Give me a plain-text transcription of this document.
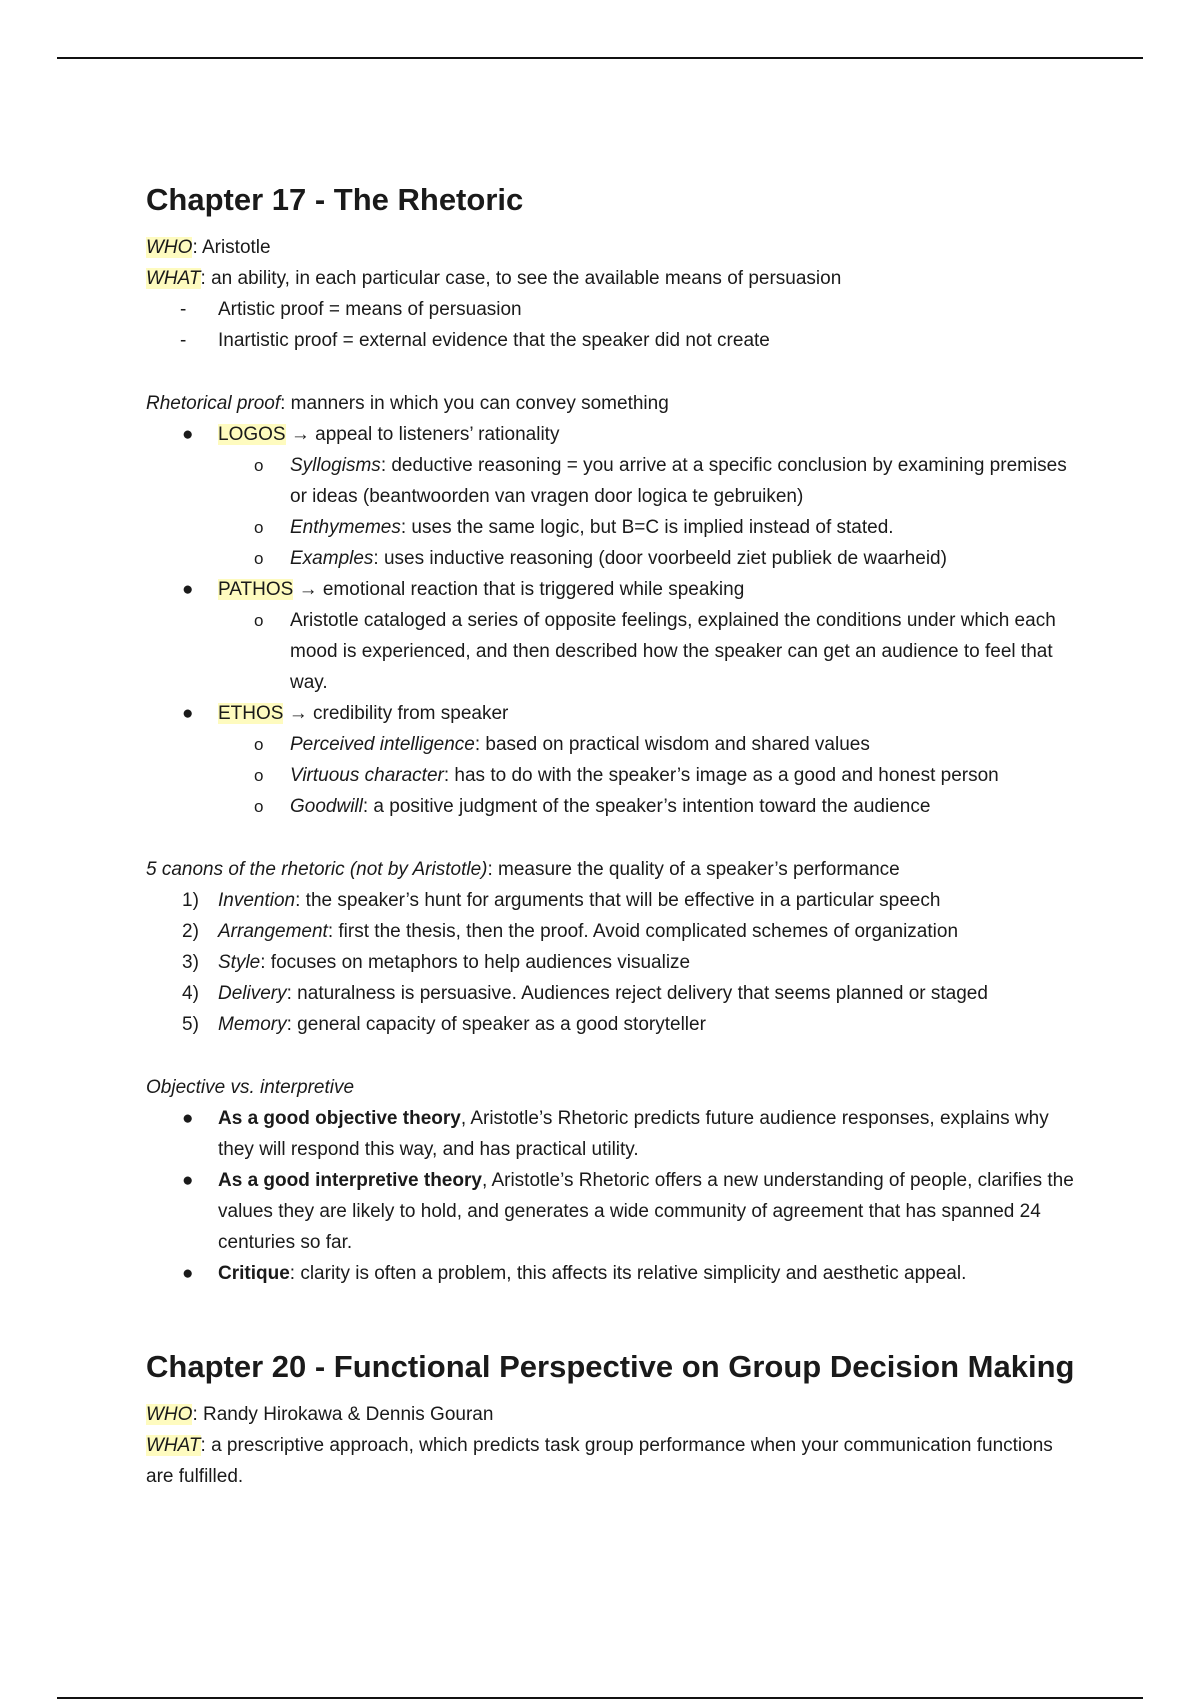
Chapter 17 - The Rhetoric

WHO: Aristotle

WHAT: an ability, in each particular case, to see the available means of persuasion

- Artistic proof = means of persuasion
- Inartistic proof = external evidence that the speaker did not create

Rhetorical proof: manners in which you can convey something

● LOGOS → appeal to listeners’ rationality
o Syllogisms: deductive reasoning = you arrive at a specific conclusion by examining premises or ideas (beantwoorden van vragen door logica te gebruiken)
o Enthymemes: uses the same logic, but B=C is implied instead of stated.
o Examples: uses inductive reasoning (door voorbeeld ziet publiek de waarheid)
● PATHOS → emotional reaction that is triggered while speaking
o Aristotle cataloged a series of opposite feelings, explained the conditions under which each mood is experienced, and then described how the speaker can get an audience to feel that way.
● ETHOS → credibility from speaker
o Perceived intelligence: based on practical wisdom and shared values
o Virtuous character: has to do with the speaker’s image as a good and honest person
o Goodwill: a positive judgment of the speaker’s intention toward the audience

5 canons of the rhetoric (not by Aristotle): measure the quality of a speaker’s performance

1) Invention: the speaker’s hunt for arguments that will be effective in a particular speech
2) Arrangement: first the thesis, then the proof. Avoid complicated schemes of organization
3) Style: focuses on metaphors to help audiences visualize
4) Delivery: naturalness is persuasive. Audiences reject delivery that seems planned or staged
5) Memory: general capacity of speaker as a good storyteller

Objective vs. interpretive

● As a good objective theory, Aristotle’s Rhetoric predicts future audience responses, explains why they will respond this way, and has practical utility.
● As a good interpretive theory, Aristotle’s Rhetoric offers a new understanding of people, clarifies the values they are likely to hold, and generates a wide community of agreement that has spanned 24 centuries so far.
● Critique: clarity is often a problem, this affects its relative simplicity and aesthetic appeal.
Chapter 20 - Functional Perspective on Group Decision Making

WHO: Randy Hirokawa & Dennis Gouran

WHAT: a prescriptive approach, which predicts task group performance when your communication functions are fulfilled.
